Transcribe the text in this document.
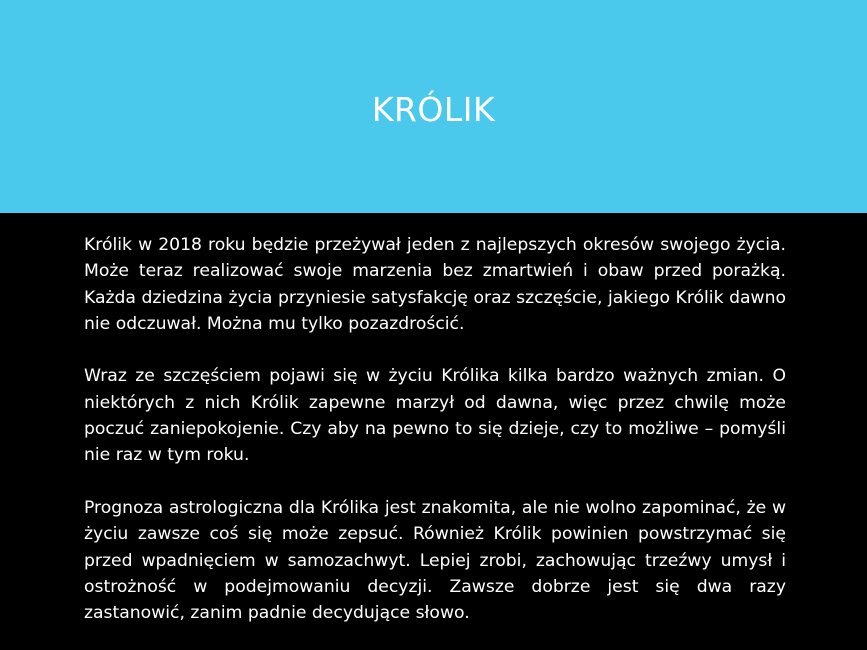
KRÓLIK

Królik w 2018 roku będzie przeżywał jeden z najlepszych okresów swojego życia. Może teraz realizować swoje marzenia bez zmartwień i obaw przed porażką. Każda dziedzina życia przyniesie satysfakcję oraz szczęście, jakiego Królik dawno nie odczuwał. Można mu tylko pozazdrościć.

Wraz ze szczęściem pojawi się w życiu Królika kilka bardzo ważnych zmian. O niektórych z nich Królik zapewne marzył od dawna, więc przez chwilę może poczuć zaniepokojenie. Czy aby na pewno to się dzieje, czy to możliwe – pomyśli nie raz w tym roku.

Prognoza astrologiczna dla Królika jest znakomita, ale nie wolno zapominać, że w życiu zawsze coś się może zepsuć. Również Królik powinien powstrzymać się przed wpadnięciem w samozachwyt. Lepiej zrobi, zachowując trzeźwy umysł i ostrożność w podejmowaniu decyzji. Zawsze dobrze jest się dwa razy zastanowić, zanim padnie decydujące słowo.
